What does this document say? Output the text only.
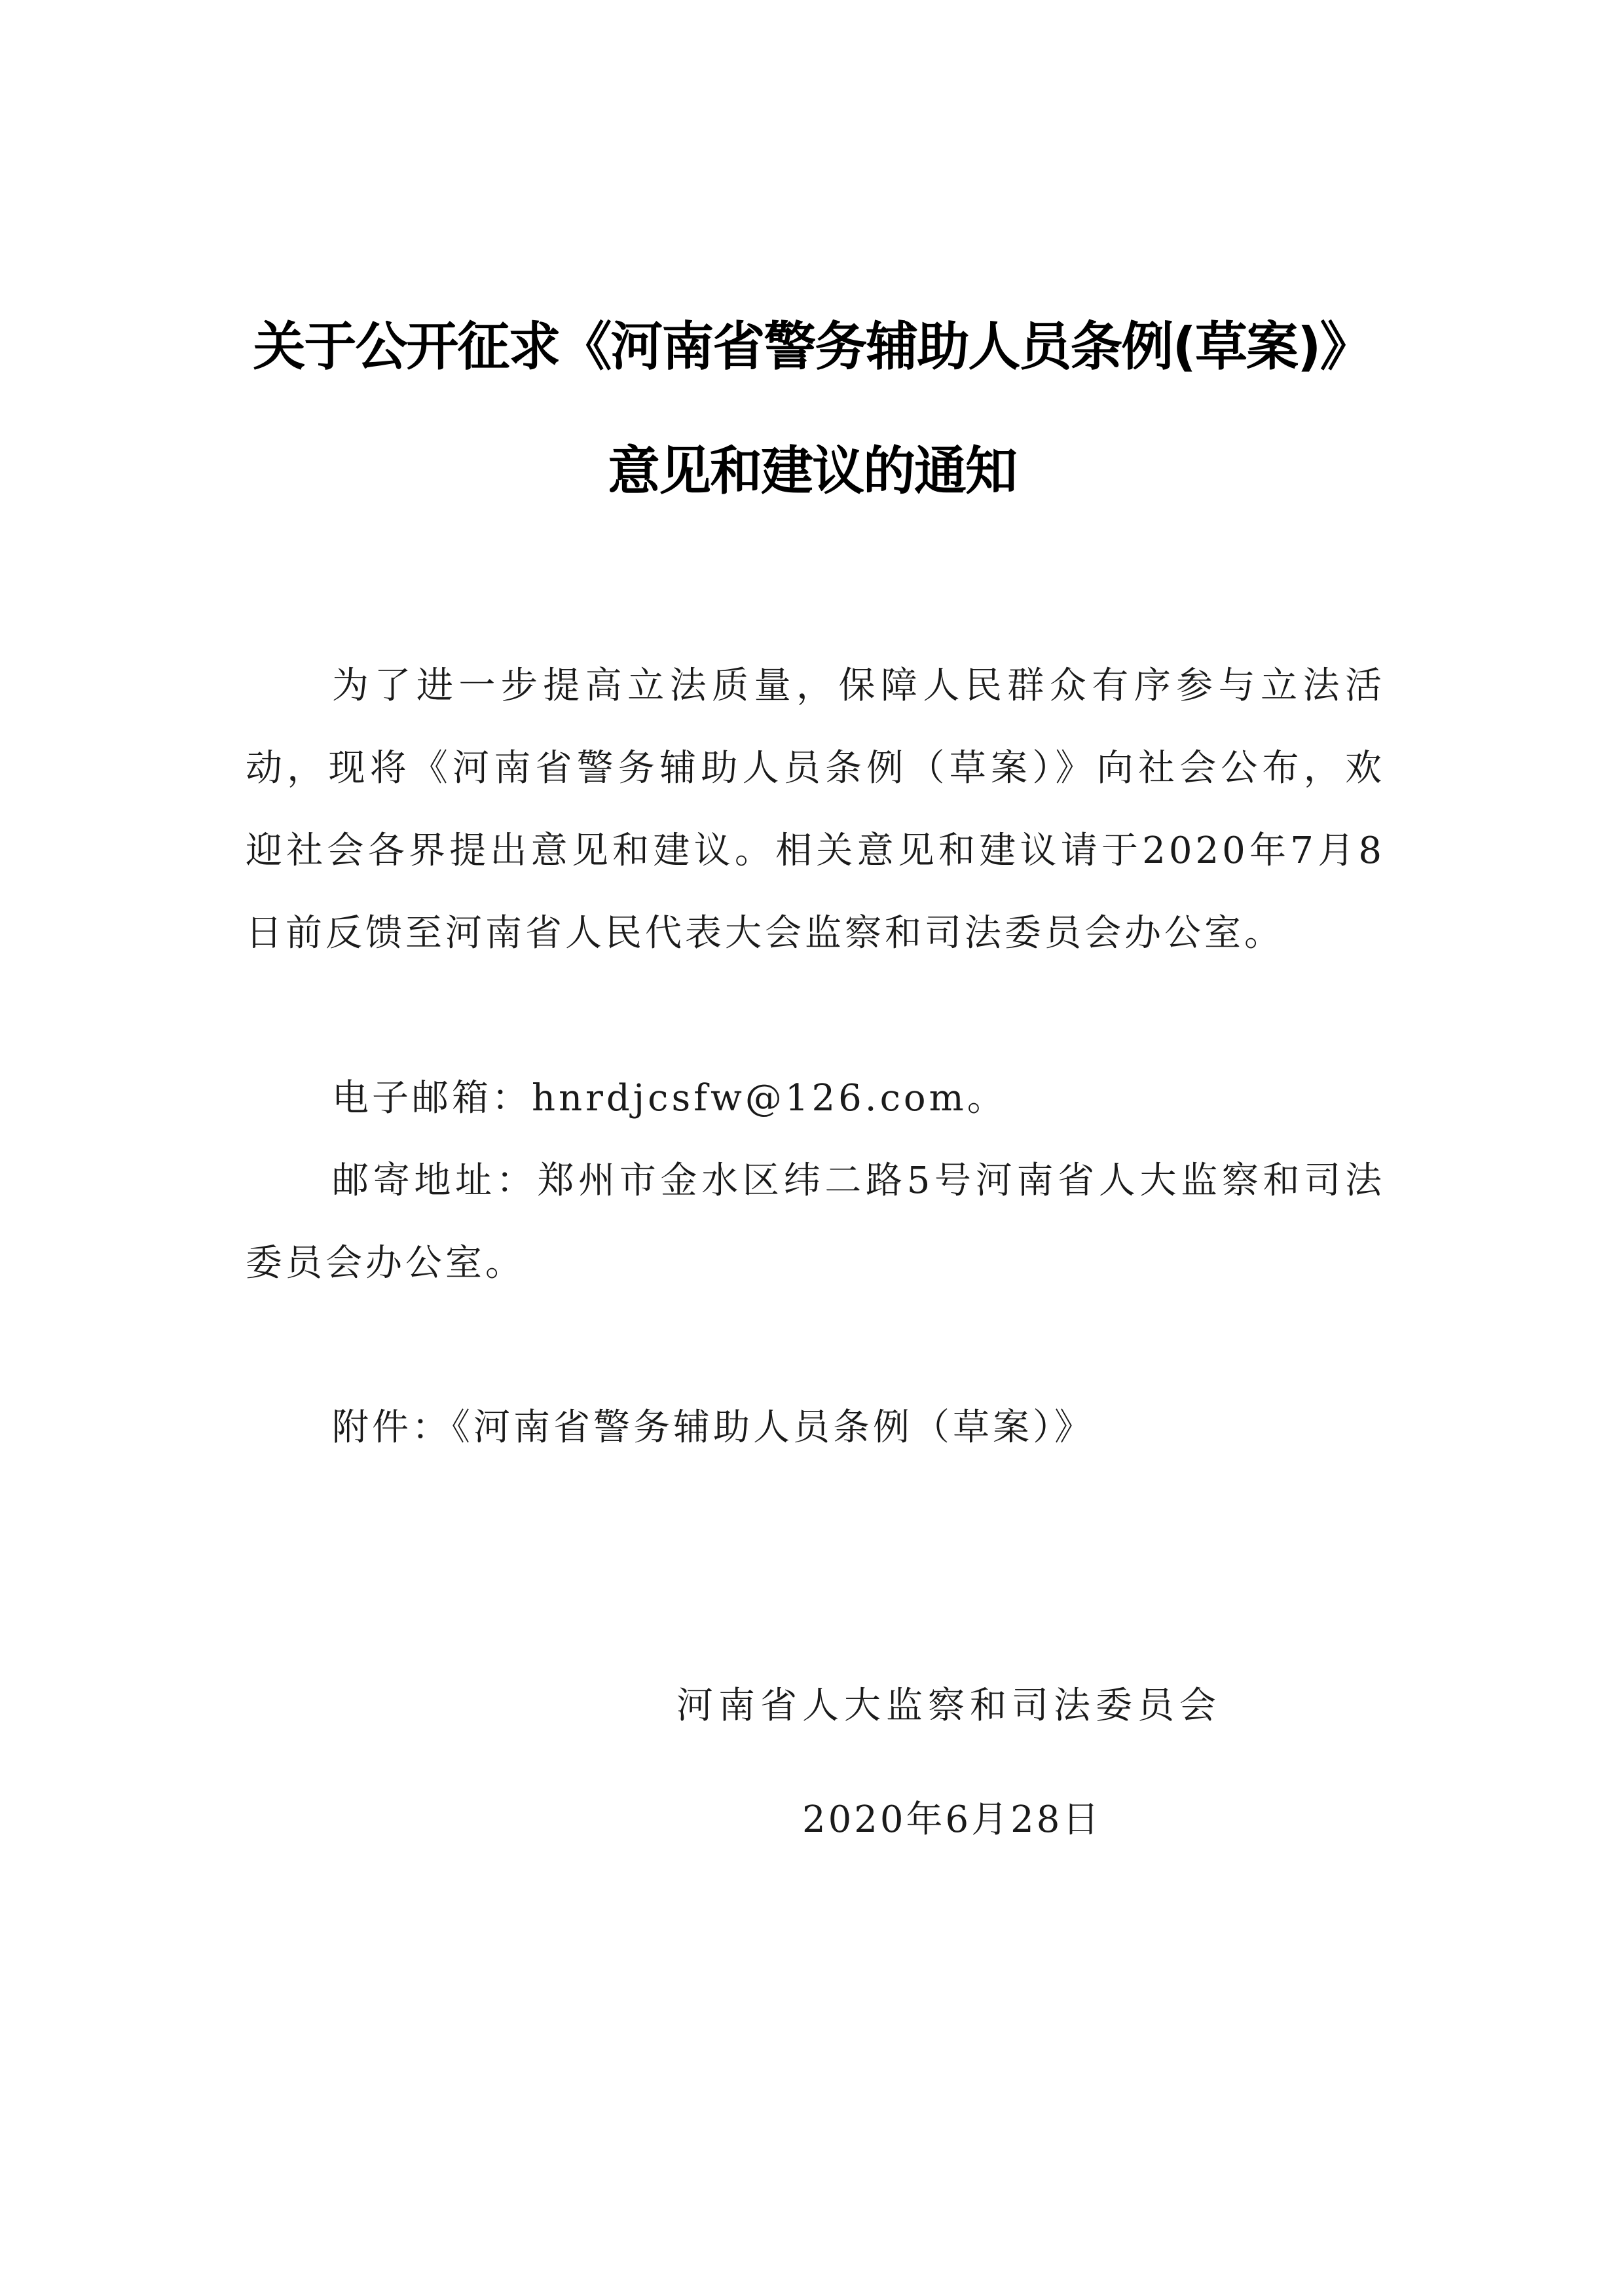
关于公开征求《河南省警务辅助人员条例(草案)》
意见和建议的通知
为了进一步提高立法质量，保障人民群众有序参与立法活动，现将《河南省警务辅助人员条例（草案）》向社会公布，欢迎社会各界提出意见和建议。相关意见和建议请于2020年7月8日前反馈至河南省人民代表大会监察和司法委员会办公室。
电子邮箱：hnrdjcsfw@126.com。
邮寄地址：郑州市金水区纬二路5号河南省人大监察和司法委员会办公室。
附件：《河南省警务辅助人员条例（草案）》
河南省人大监察和司法委员会
2020年6月28日
